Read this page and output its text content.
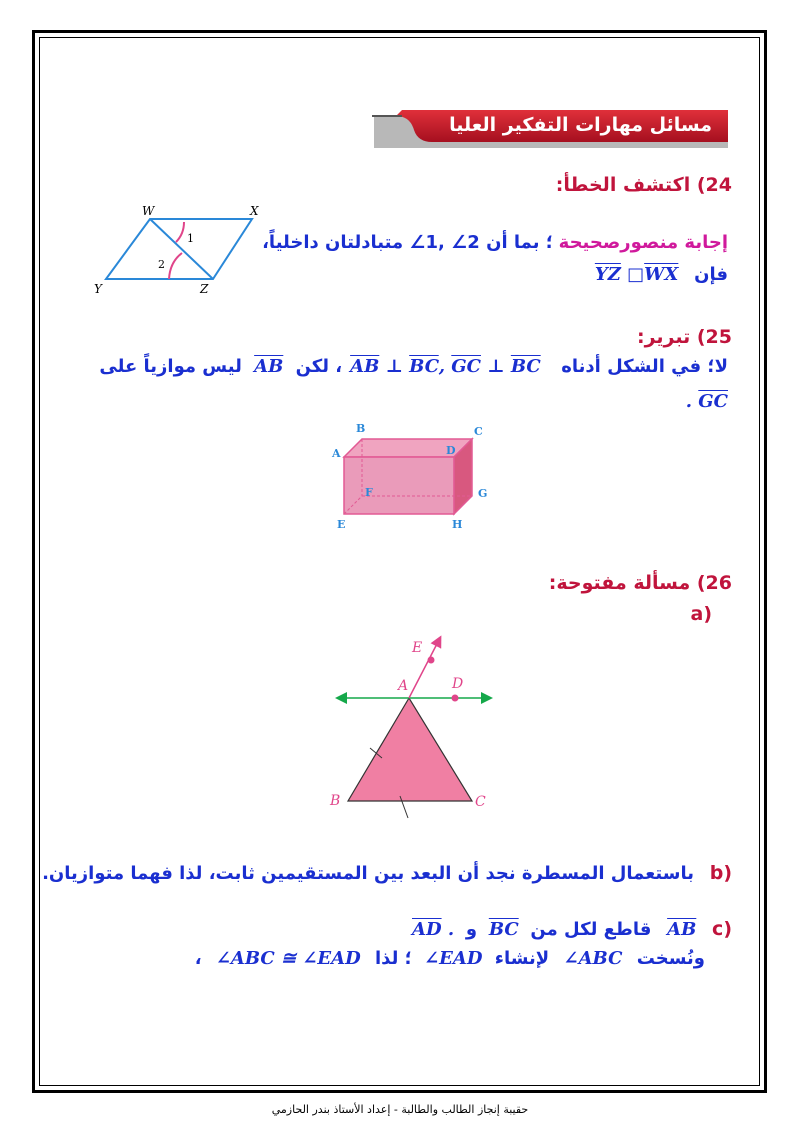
مسائل مهارات التفكير العليا
24) اكتشف الخطأ:
W	X
Y	Z
1
2
إجابة منصورصحيحة ؛ بما أن 2∠ ,1∠ متبادلتان داخلياً،
فإن $\overline{YZ}$ $□\overline{WX}$
25) تبرير:
لا؛ في الشكل أدناه $\overline{AB}$ ⊥ $\overline{BC}$, $\overline{GC}$ ⊥ $\overline{BC}$ ، لكن $\overline{AB}$ ليس موازياً على
. $\overline{GC}$
B	C
A	D
F	G
E	H
26) مسألة مفتوحة:
(a
E
D
A
B	C
(b باستعمال المسطرة نجد أن البعد بين المستقيمين ثابت، لذا فهما متوازيان.
(c $\overline{AB}$ قاطع لكل من $\overline{BC}$ و $\overline{AD}$ .
ونُسخت ∠ABC لإنشاء ∠EAD ؛ لذا ∠ABC ≅ ∠EAD ،
حقيبة إنجاز الطالب والطالبة - إعداد الأستاذ بندر الحازمي
